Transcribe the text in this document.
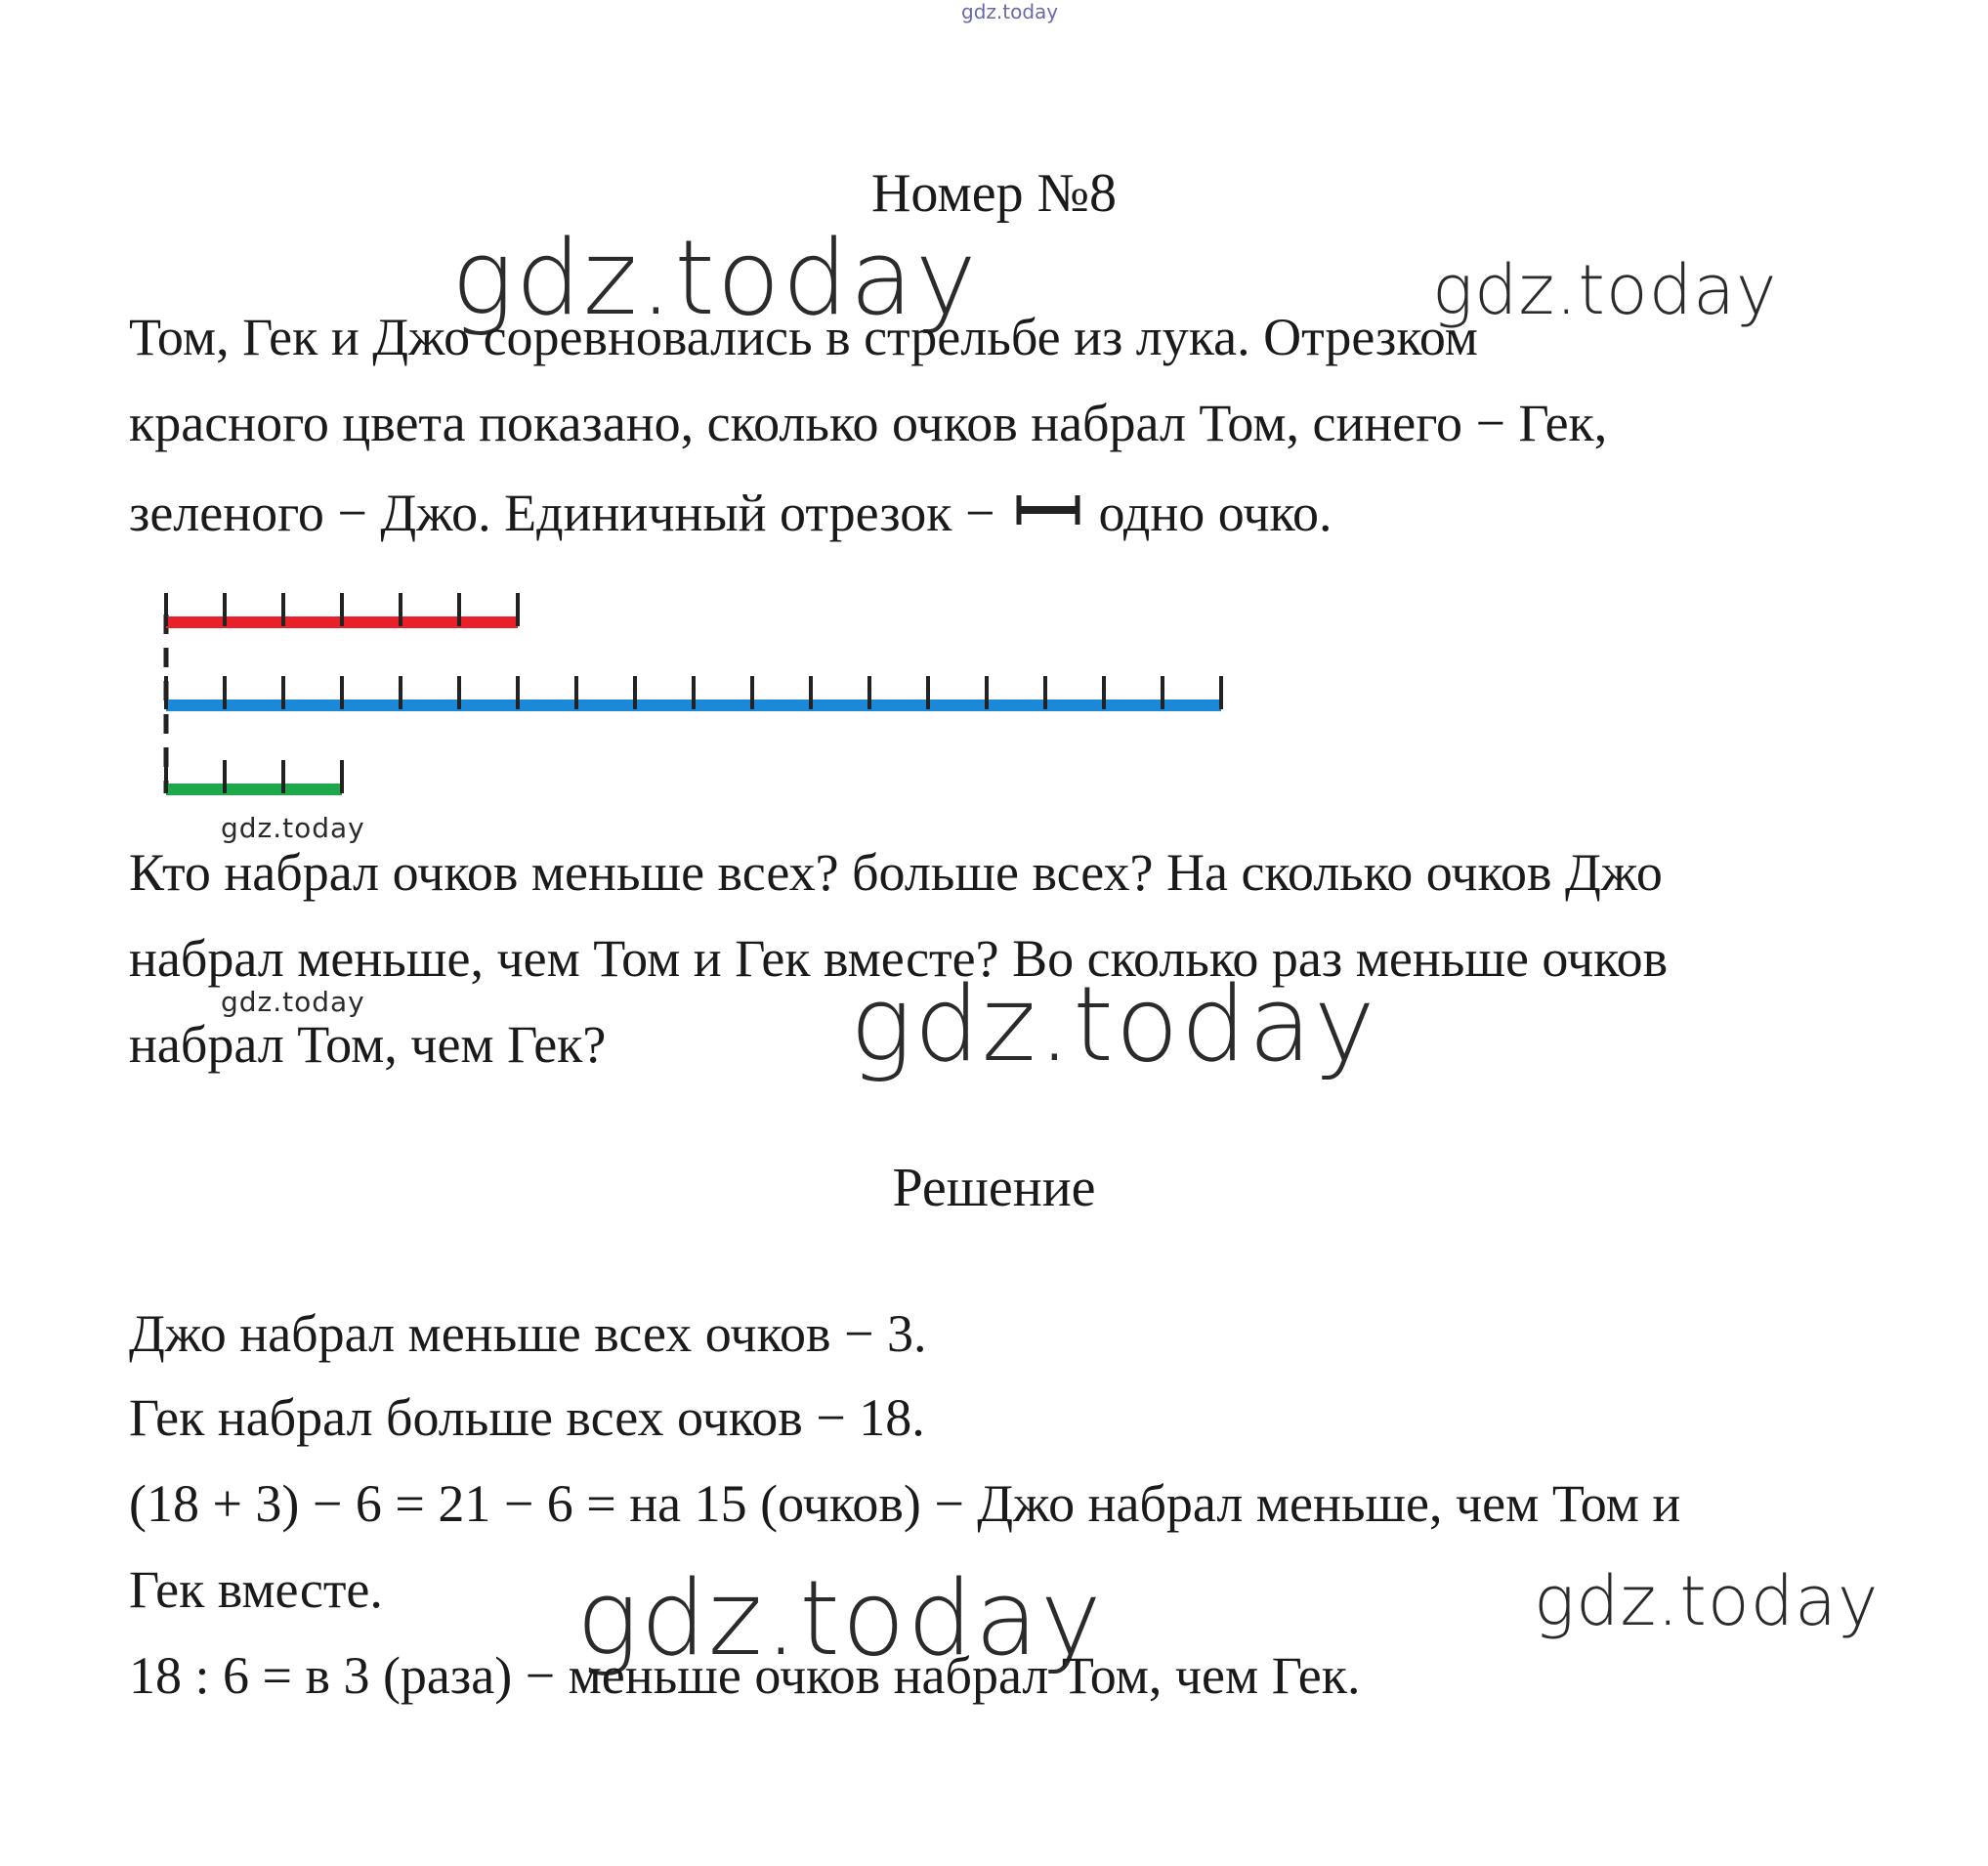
gdz.today
gdz.today	gdz.today
gdz.today
gdz.today	gdz.today
gdz.today	gdz.today
Номер №8
Том, Гек и Джо соревновались в стрельбе из лука. Отрезком
красного цвета показано, сколько очков набрал Том, синего − Гек,
зеленого − Джо. Единичный отрезок − одно очко.
Кто набрал очков меньше всех? больше всех? На сколько очков Джо
набрал меньше, чем Том и Гек вместе? Во сколько раз меньше очков
набрал Том, чем Гек?
Решение
Джо набрал меньше всех очков − 3.
Гек набрал больше всех очков − 18.
(18 + 3) − 6 = 21 − 6 = на 15 (очков) − Джо набрал меньше, чем Том и
Гек вместе.
18 : 6 = в 3 (раза) − меньше очков набрал Том, чем Гек.
